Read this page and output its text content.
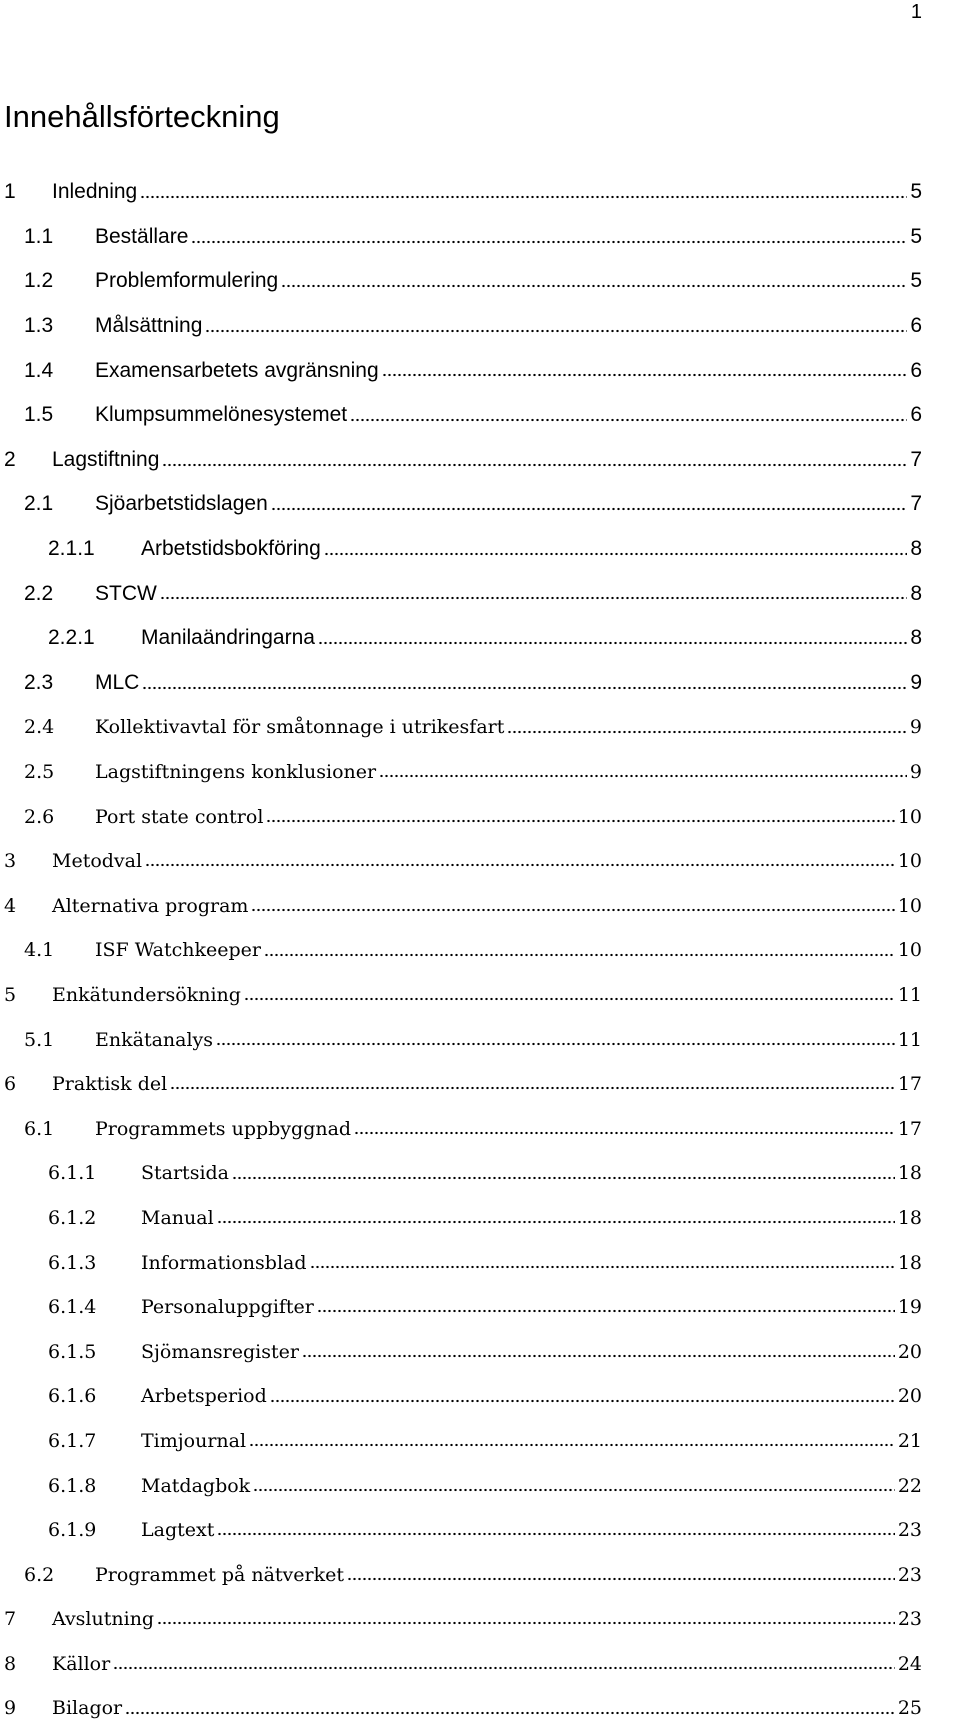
1
Innehållsförteckning
1 Inledning	5
1.1 Beställare	5
1.2 Problemformulering	5
1.3 Målsättning	6
1.4 Examensarbetets avgränsning	6
1.5 Klumpsummelönesystemet	6
2 Lagstiftning	7
2.1 Sjöarbetstidslagen	7
2.1.1 Arbetstidsbokföring	8
2.2 STCW	8
2.2.1 Manilaändringarna	8
2.3 MLC	9
2.4 Kollektivavtal för småtonnage i utrikesfart	9
2.5 Lagstiftningens konklusioner	9
2.6 Port state control	10
3 Metodval	10
4 Alternativa program	10
4.1 ISF Watchkeeper	10
5 Enkätundersökning	11
5.1 Enkätanalys	11
6 Praktisk del	17
6.1 Programmets uppbyggnad	17
6.1.1 Startsida	18
6.1.2 Manual	18
6.1.3 Informationsblad	18
6.1.4 Personaluppgifter	19
6.1.5 Sjömansregister	20
6.1.6 Arbetsperiod	20
6.1.7 Timjournal	21
6.1.8 Matdagbok	22
6.1.9 Lagtext	23
6.2 Programmet på nätverket	23
7 Avslutning	23
8 Källor	24
9 Bilagor	25
